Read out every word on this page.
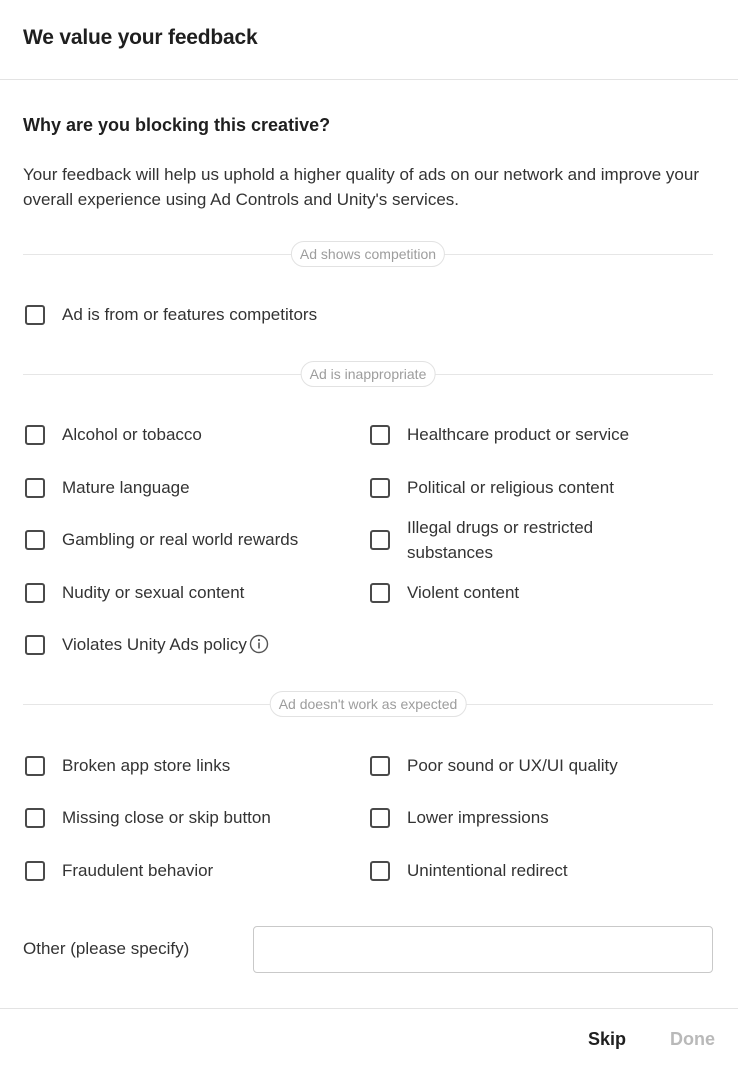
We value your feedback
Why are you blocking this creative?
Your feedback will help us uphold a higher quality of ads on our network and improve your overall experience using Ad Controls and Unity's services.
Ad shows competition
Ad is from or features competitors
Ad is inappropriate
Alcohol or tobacco	Healthcare product or service
Mature language	Political or religious content
Gambling or real world rewards
Illegal drugs or restricted substances
Nudity or sexual content	Violent content
Violates Unity Ads policy
Ad doesn't work as expected
Broken app store links	Poor sound or UX/UI quality
Missing close or skip button	Lower impressions
Fraudulent behavior	Unintentional redirect
Other (please specify)
Skip Done
